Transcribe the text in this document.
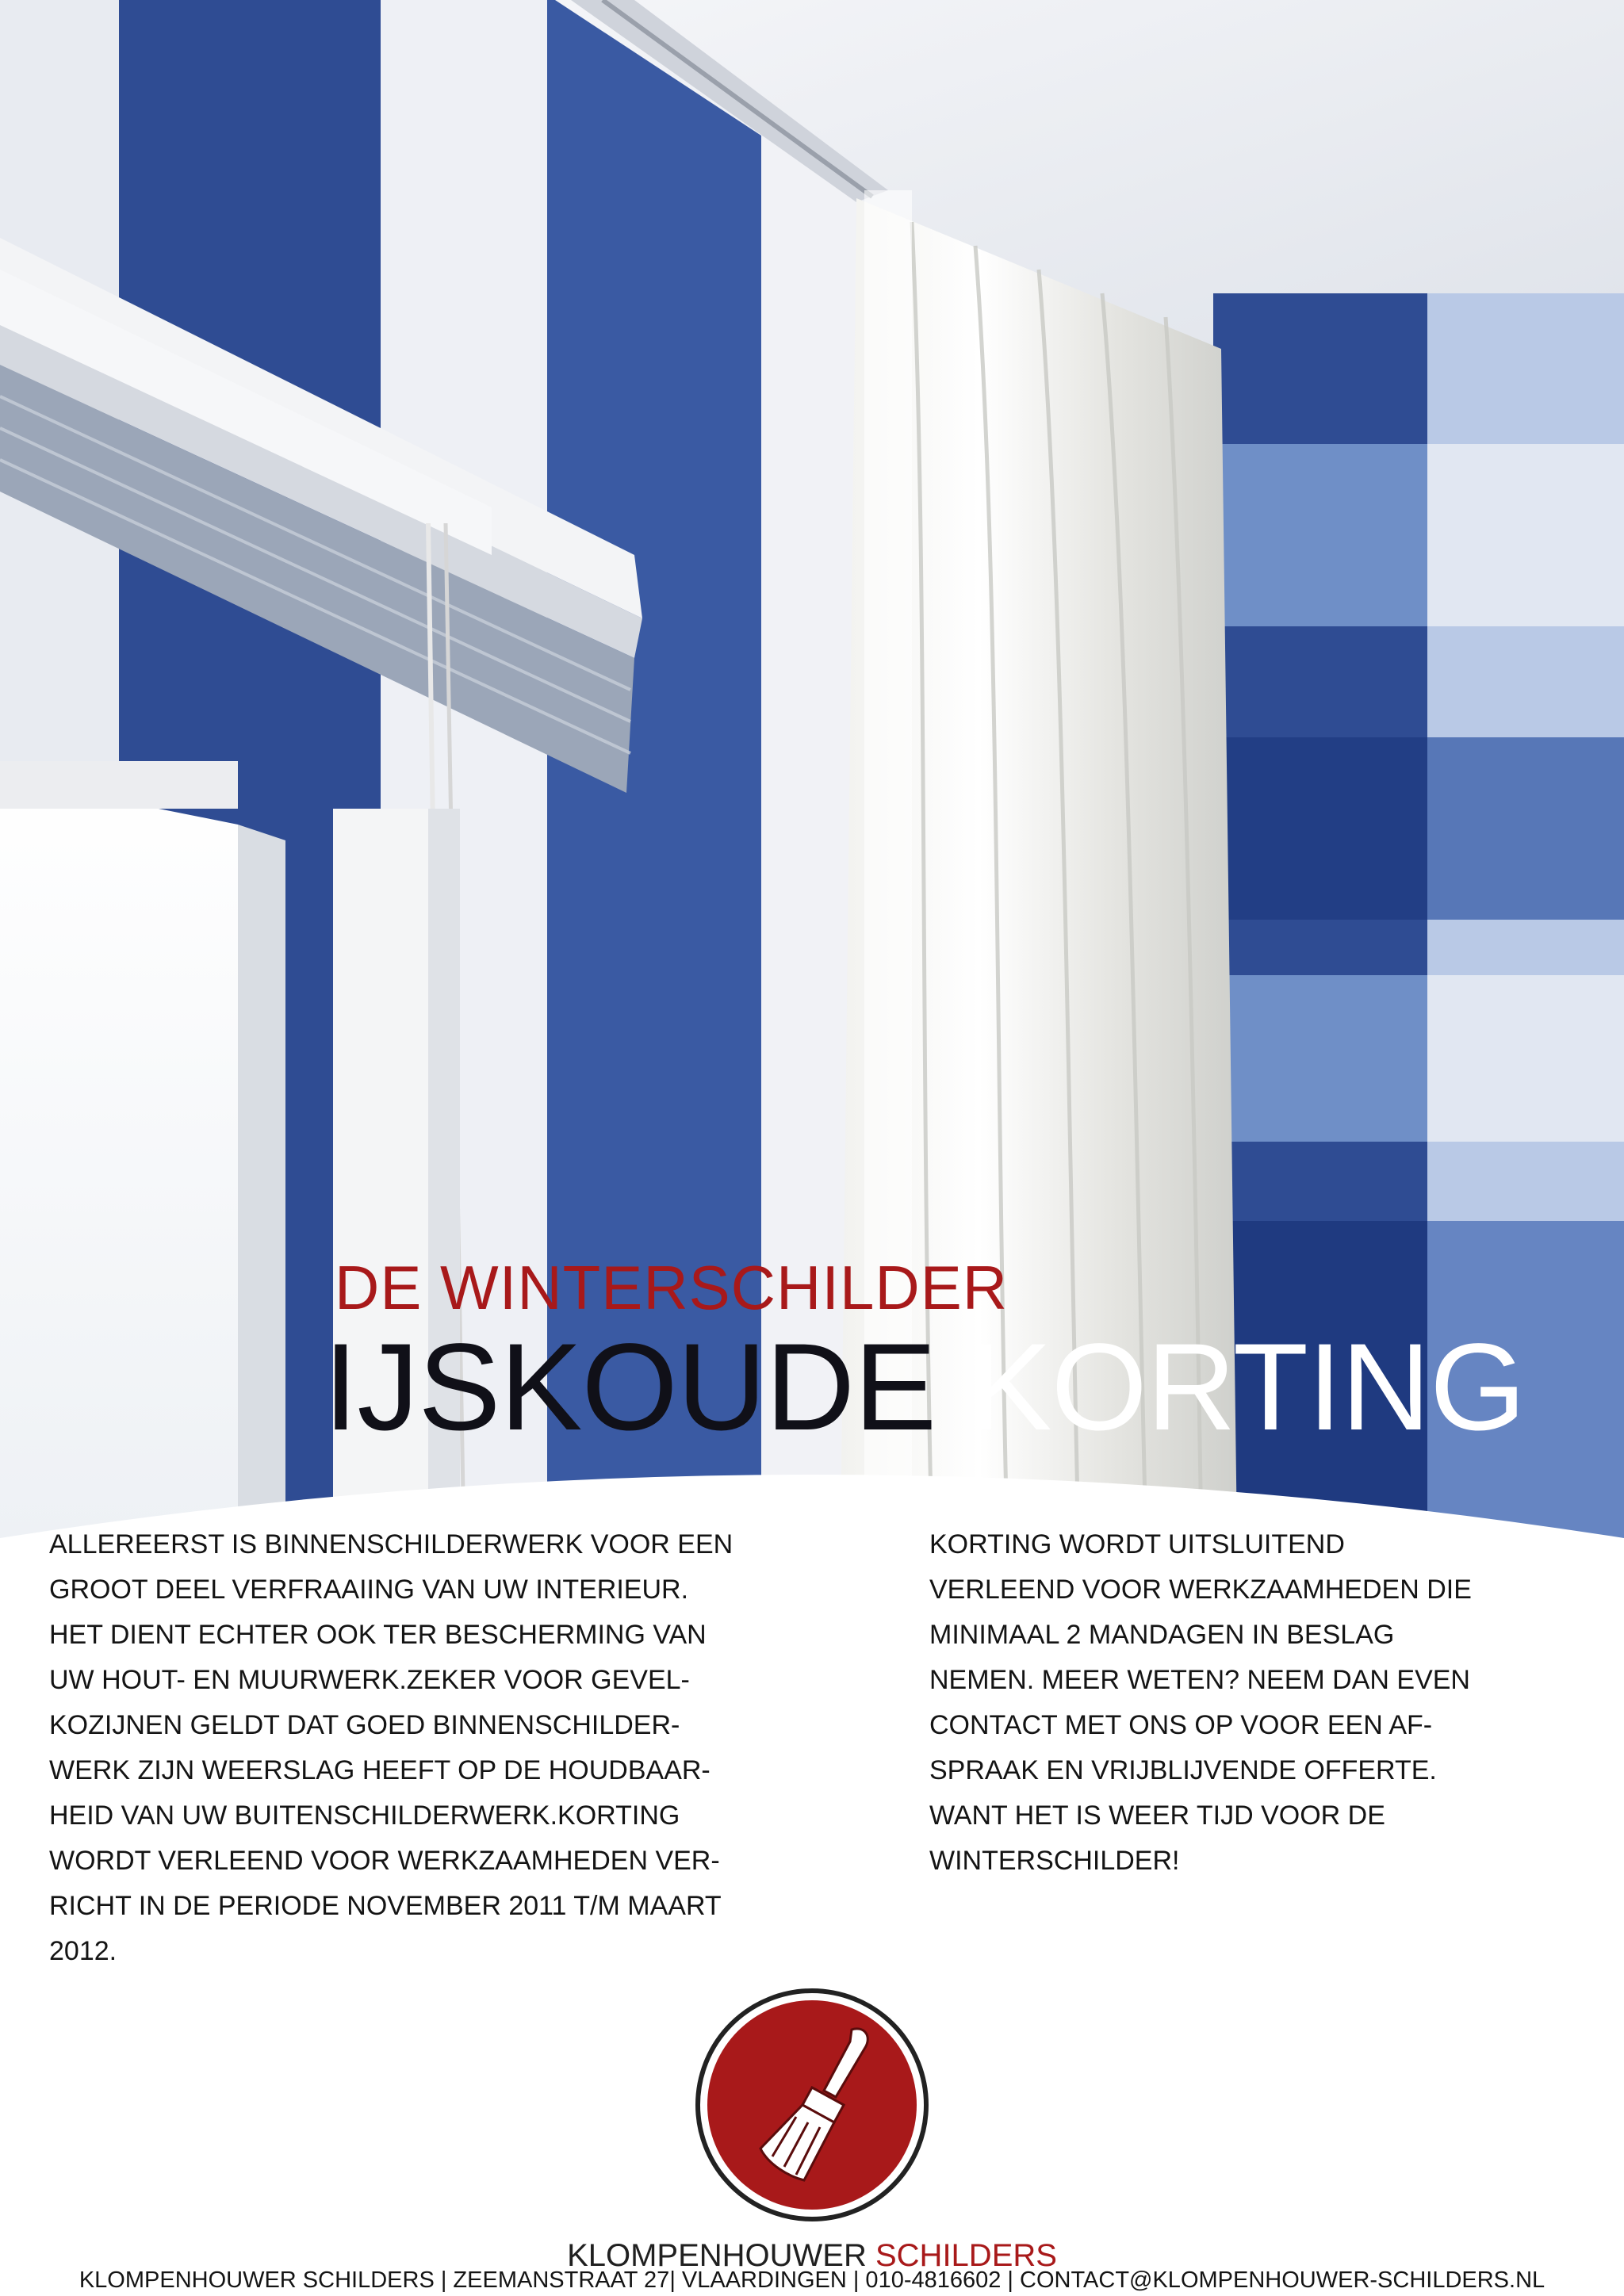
DE WINTERSCHILDER
IJSKOUDE KORTING

ALLEREERST IS BINNENSCHILDERWERK VOOR EEN

GROOT DEEL VERFRAAIING VAN UW INTERIEUR.

HET DIENT ECHTER OOK TER BESCHERMING VAN

UW HOUT- EN MUURWERK.ZEKER VOOR GEVEL-

KOZIJNEN GELDT DAT GOED BINNENSCHILDER-

WERK ZIJN WEERSLAG HEEFT OP DE HOUDBAAR-

HEID VAN UW BUITENSCHILDERWERK.KORTING

WORDT VERLEEND VOOR WERKZAAMHEDEN VER-

RICHT IN DE PERIODE NOVEMBER 2011 T/M MAART

2012.

KORTING WORDT UITSLUITEND

VERLEEND VOOR WERKZAAMHEDEN DIE

MINIMAAL 2 MANDAGEN IN BESLAG

NEMEN. MEER WETEN? NEEM DAN EVEN

CONTACT MET ONS OP VOOR EEN AF-

SPRAAK EN VRIJBLIJVENDE OFFERTE.

WANT HET IS WEER TIJD VOOR DE

WINTERSCHILDER!

KLOMPENHOUWER SCHILDERS
KLOMPENHOUWER SCHILDERS | ZEEMANSTRAAT 27| VLAARDINGEN | 010-4816602 | CONTACT@KLOMPENHOUWER-SCHILDERS.NL
